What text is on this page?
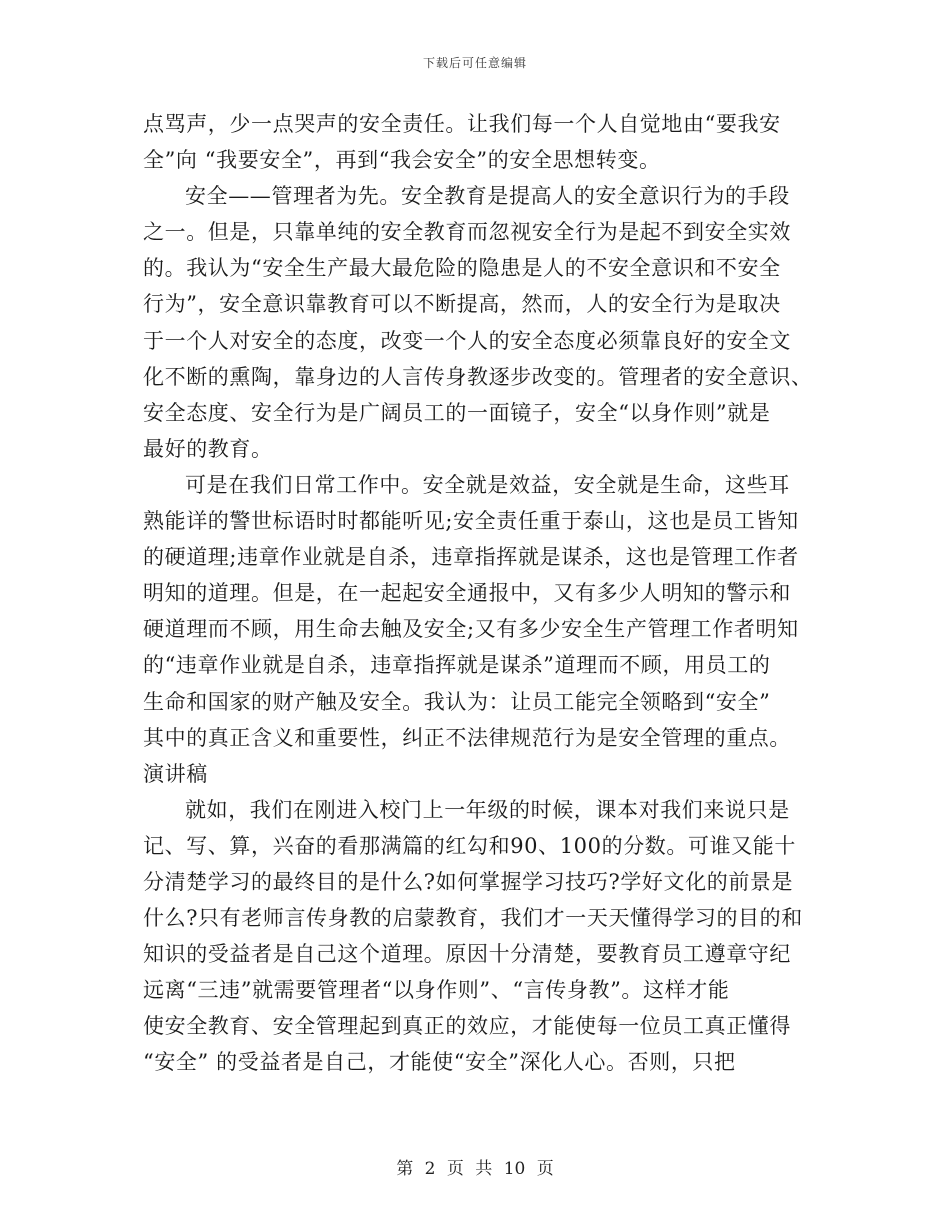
下载后可任意编辑
点骂声，少一点哭声的安全责任。让我们每一个人自觉地由“要我安
全”向 “我要安全”，再到“我会安全”的安全思想转变。
安全——管理者为先。安全教育是提高人的安全意识行为的手段
之一。但是，只靠单纯的安全教育而忽视安全行为是起不到安全实效
的。我认为“安全生产最大最危险的隐患是人的不安全意识和不安全
行为”，安全意识靠教育可以不断提高，然而，人的安全行为是取决
于一个人对安全的态度，改变一个人的安全态度必须靠良好的安全文
化不断的熏陶，靠身边的人言传身教逐步改变的。管理者的安全意识、
安全态度、安全行为是广阔员工的一面镜子，安全“以身作则”就是
最好的教育。
可是在我们日常工作中。安全就是效益，安全就是生命，这些耳
熟能详的警世标语时时都能听见;安全责任重于泰山，这也是员工皆知
的硬道理;违章作业就是自杀，违章指挥就是谋杀，这也是管理工作者
明知的道理。但是，在一起起安全通报中，又有多少人明知的警示和
硬道理而不顾，用生命去触及安全;又有多少安全生产管理工作者明知
的“违章作业就是自杀，违章指挥就是谋杀”道理而不顾，用员工的
生命和国家的财产触及安全。我认为：让员工能完全领略到“安全”
其中的真正含义和重要性，纠正不法律规范行为是安全管理的重点。
演讲稿
就如，我们在刚进入校门上一年级的时候，课本对我们来说只是
记、写、算，兴奋的看那满篇的红勾和90、100的分数。可谁又能十
分清楚学习的最终目的是什么?如何掌握学习技巧?学好文化的前景是
什么?只有老师言传身教的启蒙教育，我们才一天天懂得学习的目的和
知识的受益者是自己这个道理。原因十分清楚，要教育员工遵章守纪
远离“三违”就需要管理者“以身作则”、“言传身教”。这样才能
使安全教育、安全管理起到真正的效应，才能使每一位员工真正懂得
“安全” 的受益者是自己，才能使“安全”深化人心。否则，只把
第 2 页 共 10 页
